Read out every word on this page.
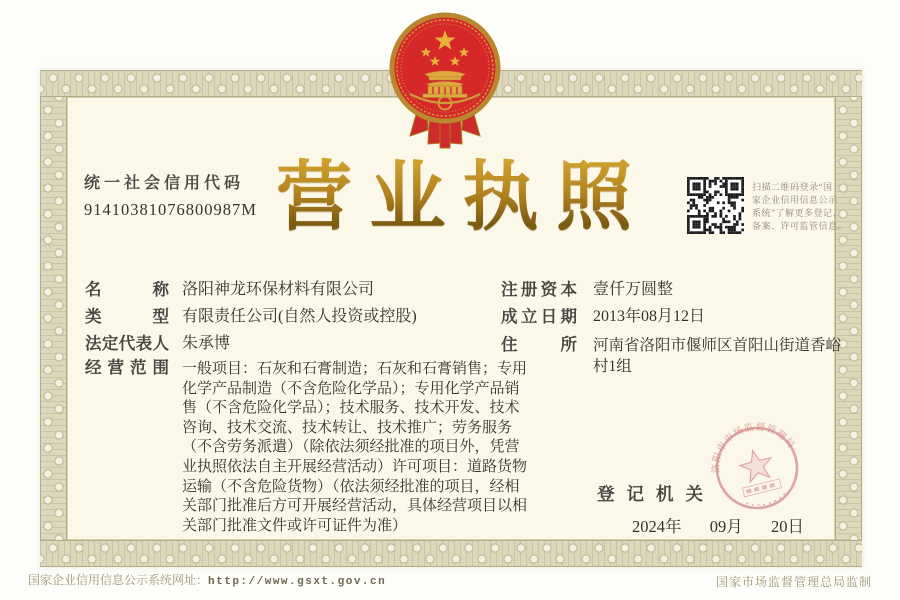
统一社会信用代码
91410381076800987M 营 业 执 照	扫描二维码登录“国
家企业信用信息公示
系统”了解更多登记、
备案、许可监管信息。
名	称 洛阳神龙环保材料有限公司
类	型 有限责任公司(自然人投资或控股)
法 定 代 表 人 朱承博
经 营 范 围 一般项目：石灰和石膏制造；石灰和石膏销售；专用
化学产品制造（不含危险化学品）；专用化学产品销
售（不含危险化学品）；技术服务、技术开发、技术
咨询、技术交流、技术转让、技术推广；劳务服务
（不含劳务派遣）（除依法须经批准的项目外，凭营
业执照依法自主开展经营活动）许可项目：道路货物
运输（不含危险货物）（依法须经批准的项目，经相
关部门批准后方可开展经营活动，具体经营项目以相
关部门批准文件或许可证件为准）
注 册 资 本 壹仟万圆整
成 立 日 期 2013年08月12日
住	所 河南省洛阳市偃师区首阳山街道香峪村1组
登 记 机 关
2024年  09月  20日
洛阳市市场监督管理局
国家企业信用信息公示系统网址：http://www.gsxt.gov.cn	国家市场监督管理总局监制
